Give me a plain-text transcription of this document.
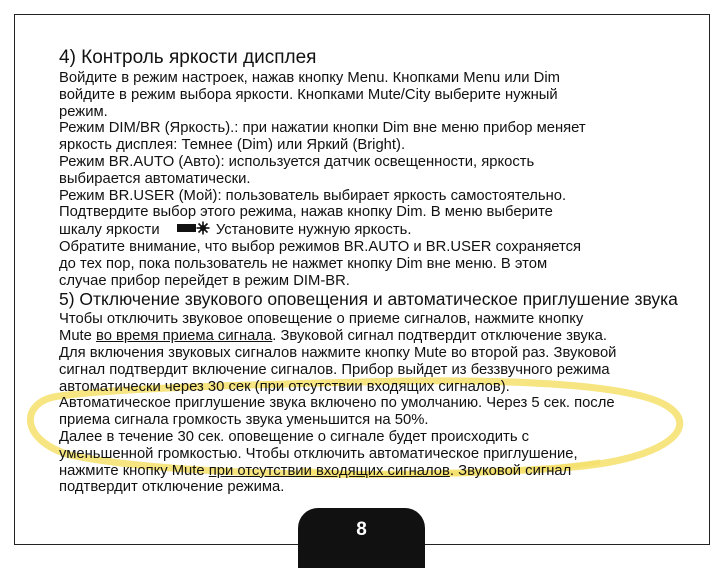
4) Контроль яркости дисплея
Войдите в режим настроек, нажав кнопку Menu. Кнопками Menu или Dim
войдите в режим выбора яркости. Кнопками Mute/City выберите нужный
режим.
Режим DIM/BR (Яркость).: при нажатии кнопки Dim вне меню прибор меняет
яркость дисплея: Темнее (Dim) или Яркий (Bright).
Режим BR.AUTO (Авто): используется датчик освещенности, яркость
выбирается автоматически.
Режим BR.USER (Мой): пользователь выбирает яркость самостоятельно.
Подтвердите выбор этого режима, нажав кнопку Dim. В меню выберите
шкалу яркости	Установите нужную яркость.
Обратите внимание, что выбор режимов BR.AUTO и BR.USER сохраняется
до тех пор, пока пользователь не нажмет кнопку Dim вне меню. В этом
случае прибор перейдет в режим DIM-BR.
5) Отключение звукового оповещения и автоматическое приглушение звука
Чтобы отключить звуковое оповещение о приеме сигналов, нажмите кнопку
Mute во время приема сигнала. Звуковой сигнал подтвердит отключение звука.
Для включения звуковых сигналов нажмите кнопку Mute во второй раз. Звуковой
сигнал подтвердит включение сигналов. Прибор выйдет из беззвучного режима
автоматически через 30 сек (при отсутствии входящих сигналов).
Автоматическое приглушение звука включено по умолчанию. Через 5 сек. после
приема сигнала громкость звука уменьшится на 50%.
Далее в течение 30 сек. оповещение о сигнале будет происходить с
уменьшенной громкостью. Чтобы отключить автоматическое приглушение,
нажмите кнопку Mute при отсутствии входящих сигналов. Звуковой сигнал
подтвердит отключение режима.
8
